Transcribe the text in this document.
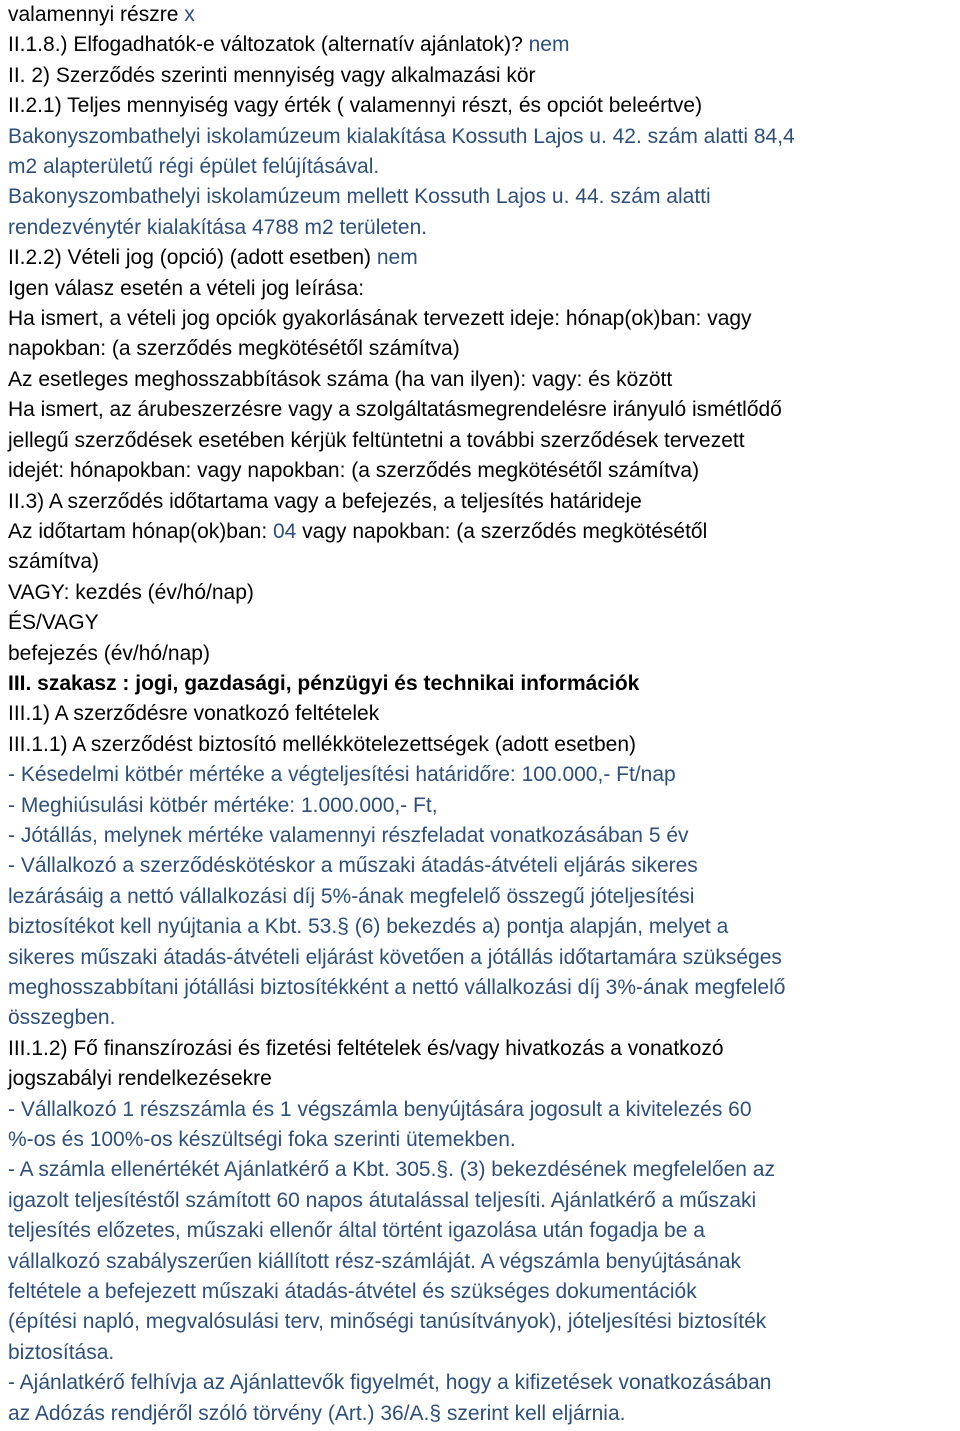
valamennyi részre x
II.1.8.) Elfogadhatók-e változatok (alternatív ajánlatok)? nem
II. 2) Szerződés szerinti mennyiség vagy alkalmazási kör
II.2.1) Teljes mennyiség vagy érték ( valamennyi részt, és opciót beleértve)
Bakonyszombathelyi iskolamúzeum kialakítása Kossuth Lajos u. 42. szám alatti 84,4
m2 alapterületű régi épület felújításával.
Bakonyszombathelyi iskolamúzeum mellett Kossuth Lajos u. 44. szám alatti
rendezvénytér kialakítása 4788 m2 területen.
II.2.2) Vételi jog (opció) (adott esetben) nem
Igen válasz esetén a vételi jog leírása:
Ha ismert, a vételi jog opciók gyakorlásának tervezett ideje: hónap(ok)ban: vagy
napokban: (a szerződés megkötésétől számítva)
Az esetleges meghosszabbítások száma (ha van ilyen): vagy: és között
Ha ismert, az árubeszerzésre vagy a szolgáltatásmegrendelésre irányuló ismétlődő
jellegű szerződések esetében kérjük feltüntetni a további szerződések tervezett
idejét: hónapokban: vagy napokban: (a szerződés megkötésétől számítva)
II.3) A szerződés időtartama vagy a befejezés, a teljesítés határideje
Az időtartam hónap(ok)ban: 04 vagy napokban: (a szerződés megkötésétől
számítva)
VAGY: kezdés (év/hó/nap)
ÉS/VAGY
befejezés (év/hó/nap)
III. szakasz : jogi, gazdasági, pénzügyi és technikai információk
III.1) A szerződésre vonatkozó feltételek
III.1.1) A szerződést biztosító mellékkötelezettségek (adott esetben)
- Késedelmi kötbér mértéke a végteljesítési határidőre: 100.000,- Ft/nap
- Meghiúsulási kötbér mértéke: 1.000.000,- Ft,
- Jótállás, melynek mértéke valamennyi részfeladat vonatkozásában 5 év
- Vállalkozó a szerződéskötéskor a műszaki átadás-átvételi eljárás sikeres
lezárásáig a nettó vállalkozási díj 5%-ának megfelelő összegű jóteljesítési
biztosítékot kell nyújtania a Kbt. 53.§ (6) bekezdés a) pontja alapján, melyet a
sikeres műszaki átadás-átvételi eljárást követően a jótállás időtartamára szükséges
meghosszabbítani jótállási biztosítékként a nettó vállalkozási díj 3%-ának megfelelő
összegben.
III.1.2) Fő finanszírozási és fizetési feltételek és/vagy hivatkozás a vonatkozó
jogszabályi rendelkezésekre
- Vállalkozó 1 részszámla és 1 végszámla benyújtására jogosult a kivitelezés 60
%-os és 100%-os készültségi foka szerinti ütemekben.
- A számla ellenértékét Ajánlatkérő a Kbt. 305.§. (3) bekezdésének megfelelően az
igazolt teljesítéstől számított 60 napos átutalással teljesíti. Ajánlatkérő a műszaki
teljesítés előzetes, műszaki ellenőr által történt igazolása után fogadja be a
vállalkozó szabályszerűen kiállított rész-számláját. A végszámla benyújtásának
feltétele a befejezett műszaki átadás-átvétel és szükséges dokumentációk
(építési napló, megvalósulási terv, minőségi tanúsítványok), jóteljesítési biztosíték
biztosítása.
- Ajánlatkérő felhívja az Ajánlattevők figyelmét, hogy a kifizetések vonatkozásában
az Adózás rendjéről szóló törvény (Art.) 36/A.§ szerint kell eljárnia.
